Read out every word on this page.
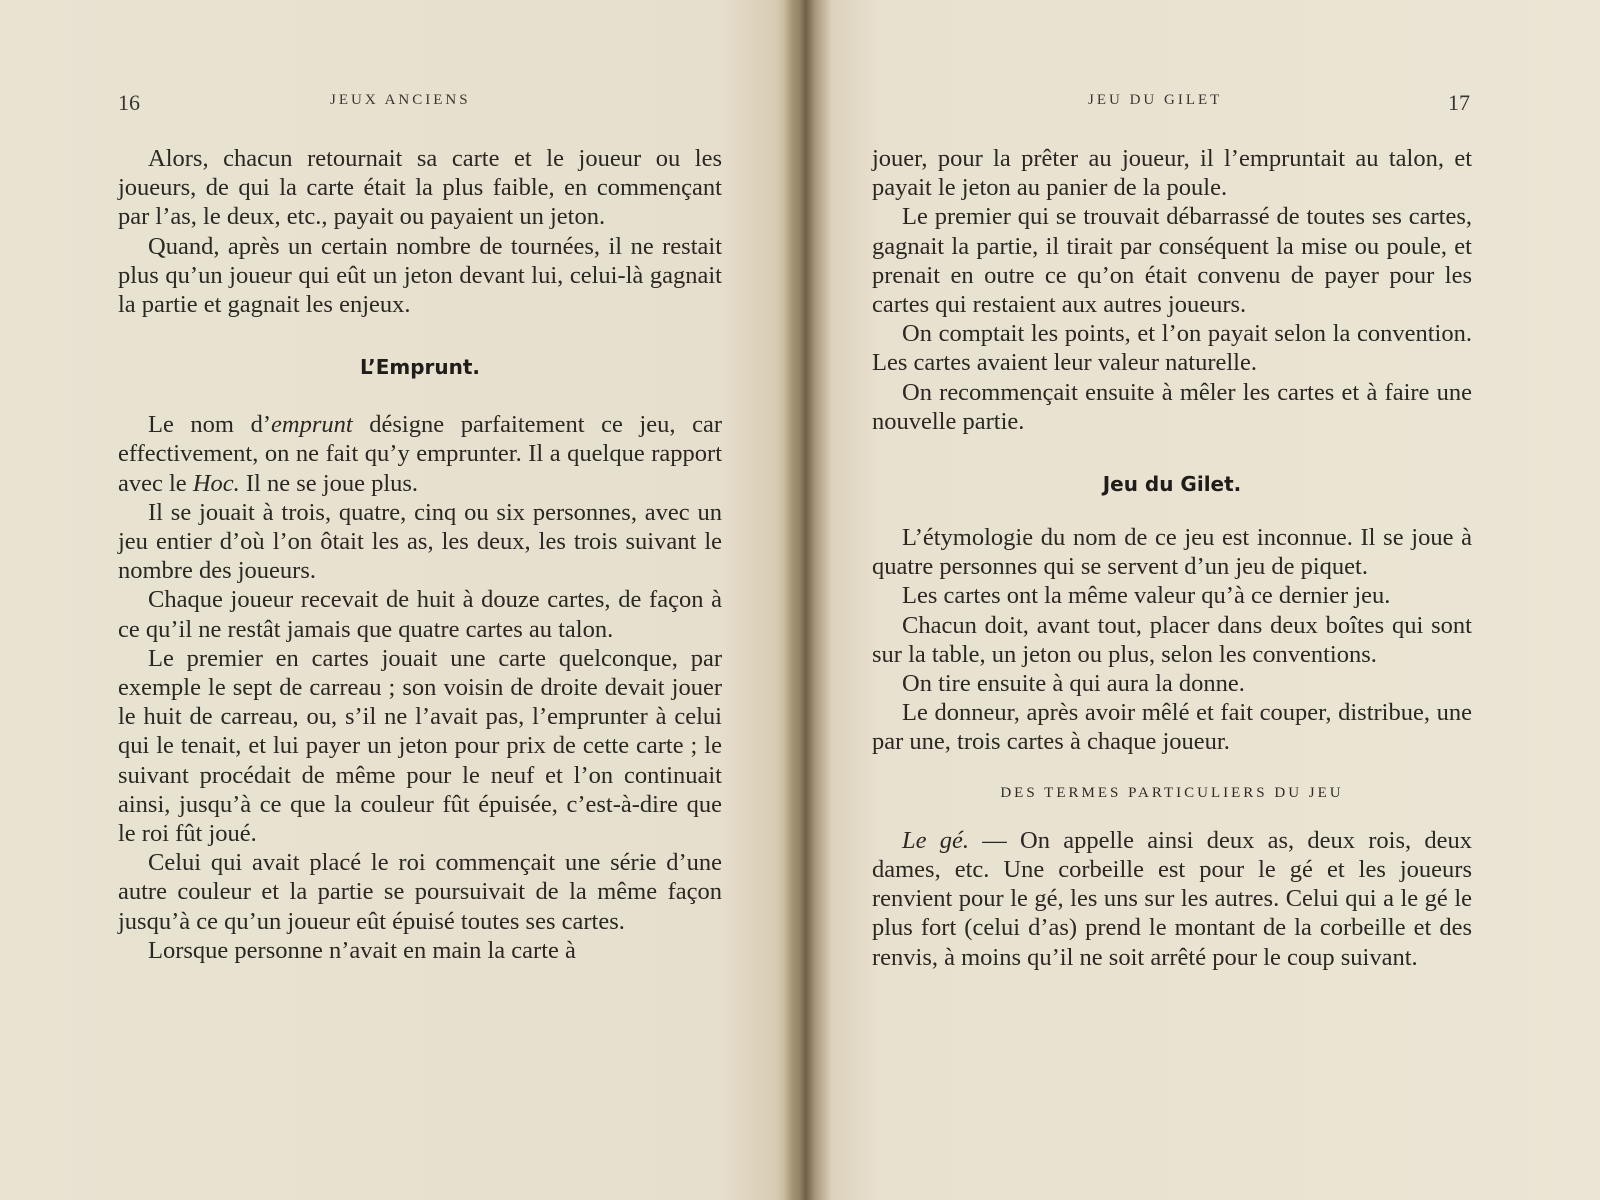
16	JEUX ANCIENS

Alors, chacun retournait sa carte et le joueur ou les joueurs, de qui la carte était la plus faible, en commençant par l’as, le deux, etc., payait ou payaient un jeton.

Quand, après un certain nombre de tournées, il ne restait plus qu’un joueur qui eût un jeton devant lui, celui-là gagnait la partie et gagnait les enjeux.

L’Emprunt.

Le nom d’emprunt désigne parfaitement ce jeu, car effectivement, on ne fait qu’y emprunter. Il a quelque rapport avec le Hoc. Il ne se joue plus.

Il se jouait à trois, quatre, cinq ou six personnes, avec un jeu entier d’où l’on ôtait les as, les deux, les trois suivant le nombre des joueurs.

Chaque joueur recevait de huit à douze cartes, de façon à ce qu’il ne restât jamais que quatre cartes au talon.

Le premier en cartes jouait une carte quelconque, par exemple le sept de carreau ; son voisin de droite devait jouer le huit de carreau, ou, s’il ne l’avait pas, l’emprunter à celui qui le tenait, et lui payer un jeton pour prix de cette carte ; le suivant procédait de même pour le neuf et l’on continuait ainsi, jusqu’à ce que la couleur fût épuisée, c’est-à-dire que le roi fût joué.

Celui qui avait placé le roi commençait une série d’une autre couleur et la partie se poursuivait de la même façon jusqu’à ce qu’un joueur eût épuisé toutes ses cartes.

Lorsque personne n’avait en main la carte à

JEU DU GILET	17

jouer, pour la prêter au joueur, il l’empruntait au talon, et payait le jeton au panier de la poule.

Le premier qui se trouvait débarrassé de toutes ses cartes, gagnait la partie, il tirait par conséquent la mise ou poule, et prenait en outre ce qu’on était convenu de payer pour les cartes qui restaient aux autres joueurs.

On comptait les points, et l’on payait selon la convention. Les cartes avaient leur valeur naturelle.

On recommençait ensuite à mêler les cartes et à faire une nouvelle partie.

Jeu du Gilet.

L’étymologie du nom de ce jeu est inconnue. Il se joue à quatre personnes qui se servent d’un jeu de piquet.

Les cartes ont la même valeur qu’à ce dernier jeu.

Chacun doit, avant tout, placer dans deux boîtes qui sont sur la table, un jeton ou plus, selon les conventions.

On tire ensuite à qui aura la donne.

Le donneur, après avoir mêlé et fait couper, distribue, une par une, trois cartes à chaque joueur.

DES TERMES PARTICULIERS DU JEU

Le gé. — On appelle ainsi deux as, deux rois, deux dames, etc. Une corbeille est pour le gé et les joueurs renvient pour le gé, les uns sur les autres. Celui qui a le gé le plus fort (celui d’as) prend le montant de la corbeille et des renvis, à moins qu’il ne soit arrêté pour le coup suivant.
